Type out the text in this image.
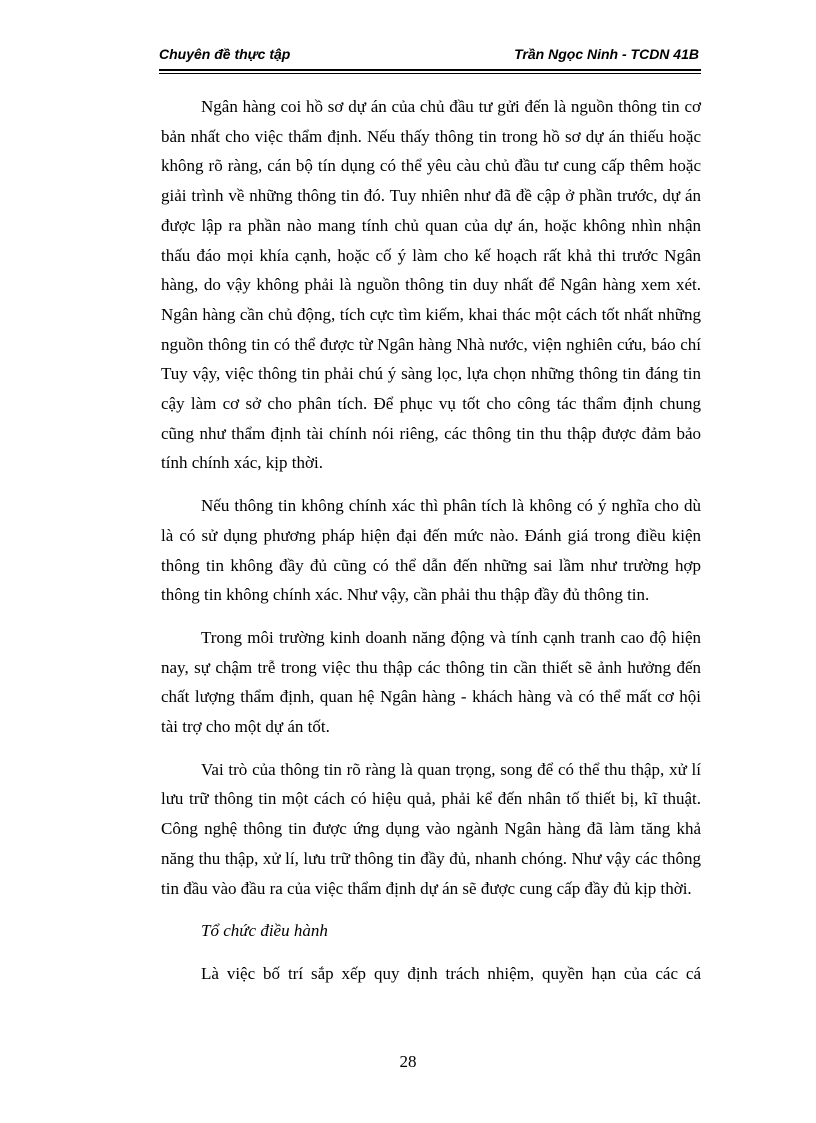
Chuyên đề thực tập	Trần Ngọc Ninh - TCDN 41B

Ngân hàng coi hồ sơ dự án của chủ đầu tư gửi đến là nguồn thông tin cơ bản nhất cho việc thẩm định. Nếu thấy thông tin trong hồ sơ dự án thiếu hoặc không rõ ràng, cán bộ tín dụng có thể yêu càu chủ đầu tư cung cấp thêm hoặc giải trình về những thông tin đó. Tuy nhiên như đã đề cập ở phần trước, dự án được lập ra phần nào mang tính chủ quan của dự án, hoặc không nhìn nhận thấu đáo mọi khía cạnh, hoặc cố ý làm cho kế hoạch rất khả thi trước Ngân hàng, do vậy không phải là nguồn thông tin duy nhất để Ngân hàng xem xét. Ngân hàng cần chủ động, tích cực tìm kiếm, khai thác một cách tốt nhất những nguồn thông tin có thể được từ Ngân hàng Nhà nước, viện nghiên cứu, báo chí Tuy vậy, việc thông tin phải chú ý sàng lọc, lựa chọn những thông tin đáng tin cậy làm cơ sở cho phân tích. Để phục vụ tốt cho công tác thẩm định chung cũng như thẩm định tài chính nói riêng, các thông tin thu thập được đảm bảo tính chính xác, kịp thời.

Nếu thông tin không chính xác thì phân tích là không có ý nghĩa cho dù là có sử dụng phương pháp hiện đại đến mức nào. Đánh giá trong điều kiện thông tin không đầy đủ cũng có thể dẫn đến những sai lầm như trường hợp thông tin không chính xác. Như vậy, cần phải thu thập đầy đủ thông tin.

Trong môi trường kinh doanh năng động và tính cạnh tranh cao độ hiện nay, sự chậm trễ trong việc thu thập các thông tin cần thiết sẽ ảnh hưởng đến chất lượng thẩm định, quan hệ Ngân hàng - khách hàng và có thể mất cơ hội tài trợ cho một dự án tốt.

Vai trò của thông tin rõ ràng là quan trọng, song để có thể thu thập, xử lí lưu trữ thông tin một cách có hiệu quả, phải kể đến nhân tố thiết bị, kĩ thuật. Công nghệ thông tin được ứng dụng vào ngành Ngân hàng đã làm tăng khả năng thu thập, xử lí, lưu trữ thông tin đầy đủ, nhanh chóng. Như vậy các thông tin đầu vào đầu ra của việc thẩm định dự án sẽ được cung cấp đầy đủ kịp thời.

Tổ chức điều hành

Là việc bố trí sắp xếp quy định trách nhiệm, quyền hạn của các cá

28
